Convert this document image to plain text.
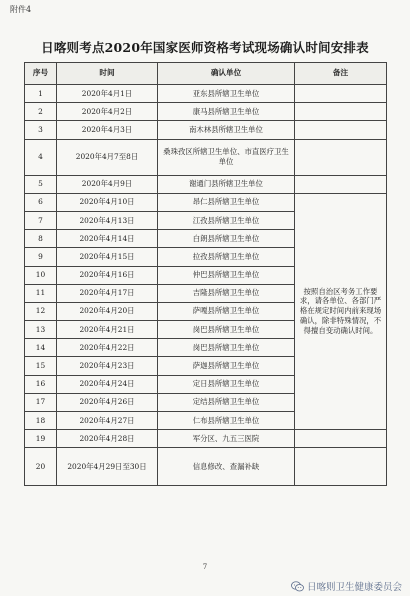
附件4
日喀则考点2020年国家医师资格考试现场确认时间安排表
序号	时间	确认单位	备注
1	2020年4月1日	亚东县所辖卫生单位	
2	2020年4月2日	康马县所辖卫生单位	
3	2020年4月3日	南木林县所辖卫生单位	
4	2020年4月7至8日	桑珠孜区所辖卫生单位、市直医疗卫生单位	
5	2020年4月9日	谢通门县所辖卫生单位	
6	2020年4月10日	昂仁县所辖卫生单位	按照自治区考务工作要求，请各单位、各部门严格在规定时间内前来现场确认，除非特殊情况，不得擅自变动确认时间。
7	2020年4月13日	江孜县所辖卫生单位	
8	2020年4月14日	白朗县所辖卫生单位	
9	2020年4月15日	拉孜县所辖卫生单位	
10	2020年4月16日	仲巴县所辖卫生单位	
11	2020年4月17日	吉隆县所辖卫生单位	
12	2020年4月20日	萨嘎县所辖卫生单位	
13	2020年4月21日	岗巴县所辖卫生单位	
14	2020年4月22日	岗巴县所辖卫生单位	
15	2020年4月23日	萨迦县所辖卫生单位	
16	2020年4月24日	定日县所辖卫生单位	
17	2020年4月26日	定结县所辖卫生单位	
18	2020年4月27日	仁布县所辖卫生单位	
19	2020年4月28日	军分区、九五三医院	
20	2020年4月29日至30日	信息修改、查漏补缺	
7
日喀则卫生健康委员会
